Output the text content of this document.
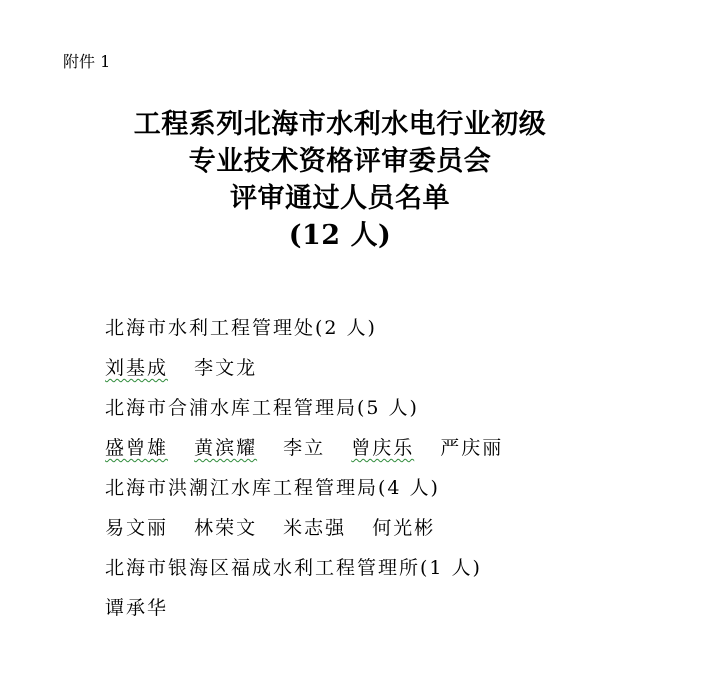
附件 1
工程系列北海市水利水电行业初级
专业技术资格评审委员会
评审通过人员名单
(12 人)
北海市水利工程管理处(2 人)
刘基成 李文龙
北海市合浦水库工程管理局(5 人)
盛曾雄 黄滨耀 李立 曾庆乐 严庆丽
北海市洪潮江水库工程管理局(4 人)
易文丽 林荣文 米志强 何光彬
北海市银海区福成水利工程管理所(1 人)
谭承华
